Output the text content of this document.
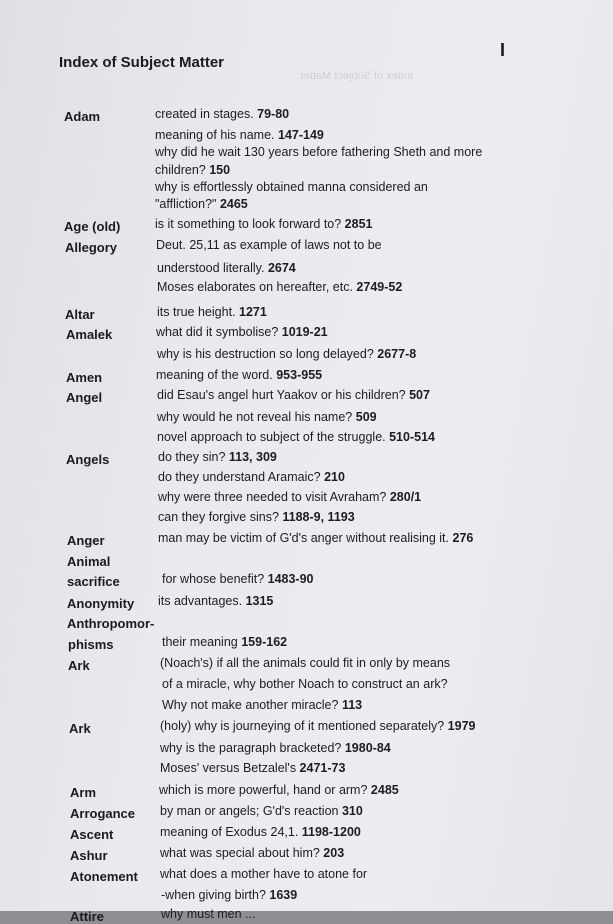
Index of Subject Matter
I
Index of Subject Matter
Adam	created in stages. 79-80
meaning of his name. 147-149
why did he wait 130 years before fathering Sheth and more
children? 150
why is effortlessly obtained manna considered an
"affliction?" 2465
Age (old)	is it something to look forward to? 2851
Allegory	Deut. 25,11 as example of laws not to be
understood literally. 2674
Moses elaborates on hereafter, etc. 2749-52
Altar	its true height. 1271
Amalek	what did it symbolise? 1019-21
why is his destruction so long delayed? 2677-8
Amen	meaning of the word. 953-955
Angel	did Esau's angel hurt Yaakov or his children? 507
why would he not reveal his name? 509
novel approach to subject of the struggle. 510-514
Angels	do they sin? 113, 309
do they understand Aramaic? 210
why were three needed to visit Avraham? 280/1
can they forgive sins? 1188-9, 1193
Anger	man may be victim of G'd's anger without realising it. 276
Animal
sacrifice	for whose benefit? 1483-90
Anonymity its advantages. 1315
Anthropomor-
phisms	their meaning 159-162
Ark	(Noach's) if all the animals could fit in only by means
of a miracle, why bother Noach to construct an ark?
Why not make another miracle? 113
Ark	(holy) why is journeying of it mentioned separately? 1979
why is the paragraph bracketed? 1980-84
Moses' versus Betzalel's 2471-73
Arm	which is more powerful, hand or arm? 2485
Arrogance by man or angels; G'd's reaction 310
Ascent	meaning of Exodus 24,1. 1198-1200
Ashur	what was special about him? 203
Atonement what does a mother have to atone for
-when giving birth? 1639
Attire	why must men ...
